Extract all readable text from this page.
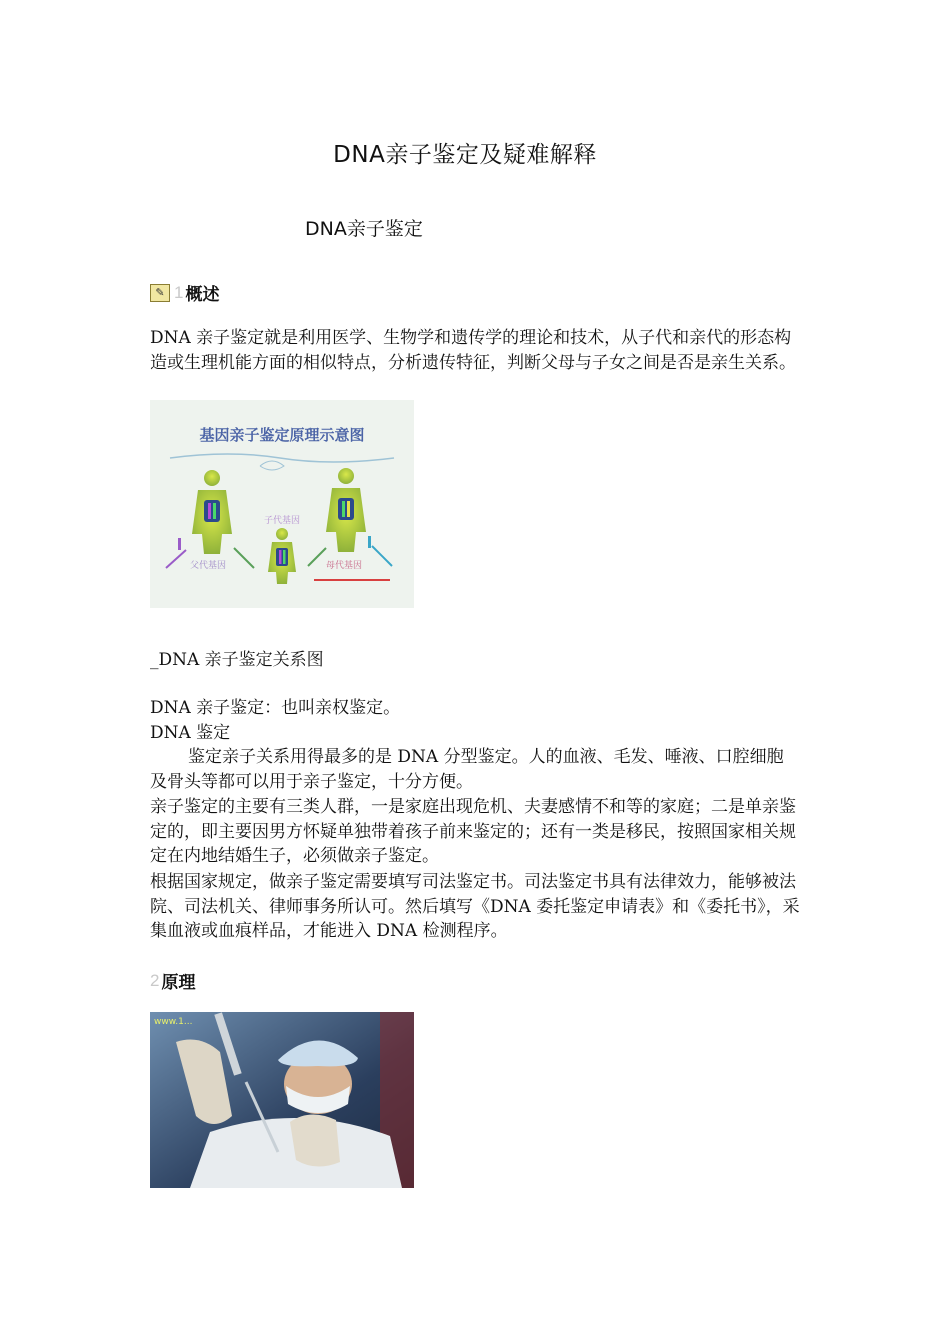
DNA亲子鉴定及疑难解释
DNA亲子鉴定
✎ 1 概述
DNA 亲子鉴定就是利用医学、生物学和遗传学的理论和技术，从子代和亲代的形态构造或生理机能方面的相似特点，分析遗传特征，判断父母与子女之间是否是亲生关系。
基因亲子鉴定原理示意图
子代基因
父代基因	母代基因
_DNA 亲子鉴定关系图
DNA 亲子鉴定：也叫亲权鉴定。
DNA 鉴定
鉴定亲子关系用得最多的是 DNA 分型鉴定。人的血液、毛发、唾液、口腔细胞及骨头等都可以用于亲子鉴定，十分方便。
亲子鉴定的主要有三类人群，一是家庭出现危机、夫妻感情不和等的家庭；二是单亲鉴定的，即主要因男方怀疑单独带着孩子前来鉴定的；还有一类是移民，按照国家相关规定在内地结婚生子，必须做亲子鉴定。
根据国家规定，做亲子鉴定需要填写司法鉴定书。司法鉴定书具有法律效力，能够被法院、司法机关、律师事务所认可。然后填写《DNA 委托鉴定申请表》和《委托书》，采集血液或血痕样品，才能进入 DNA 检测程序。
2 原理
www.1...
